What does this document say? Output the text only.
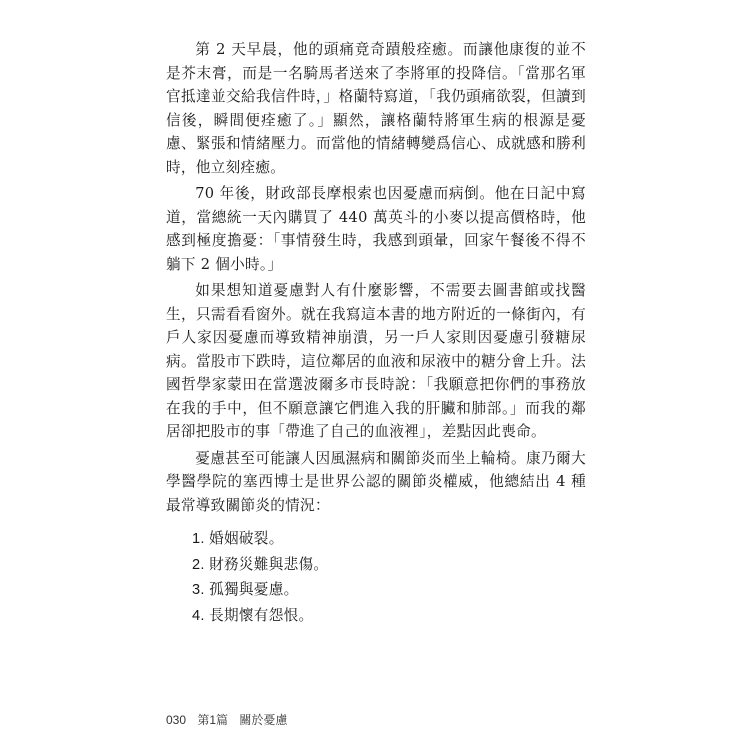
第 2 天早晨，他的頭痛竟奇蹟般痊癒。而讓他康復的並不是芥末膏，而是一名騎馬者送來了李將軍的投降信。「當那名軍官抵達並交給我信件時，」格蘭特寫道，「我仍頭痛欲裂，但讀到信後，瞬間便痊癒了。」顯然，讓格蘭特將軍生病的根源是憂慮、緊張和情緒壓力。而當他的情緒轉變爲信心、成就感和勝利時，他立刻痊癒。

70 年後，財政部長摩根索也因憂慮而病倒。他在日記中寫道，當總統一天內購買了 440 萬英斗的小麥以提高價格時，他感到極度擔憂：「事情發生時，我感到頭暈，回家午餐後不得不躺下 2 個小時。」

如果想知道憂慮對人有什麼影響，不需要去圖書館或找醫生，只需看看窗外。就在我寫這本書的地方附近的一條街內，有戶人家因憂慮而導致精神崩潰，另一戶人家則因憂慮引發糖尿病。當股市下跌時，這位鄰居的血液和尿液中的糖分會上升。法國哲學家蒙田在當選波爾多市長時說：「我願意把你們的事務放在我的手中，但不願意讓它們進入我的肝臟和肺部。」而我的鄰居卻把股市的事「帶進了自己的血液裡」，差點因此喪命。

憂慮甚至可能讓人因風濕病和關節炎而坐上輪椅。康乃爾大學醫學院的塞西博士是世界公認的關節炎權威，他總結出 4 種最常導致關節炎的情況：

1. 婚姻破裂。
2. 財務災難與悲傷。
3. 孤獨與憂慮。
4. 長期懷有怨恨。
030 第1篇 關於憂慮
